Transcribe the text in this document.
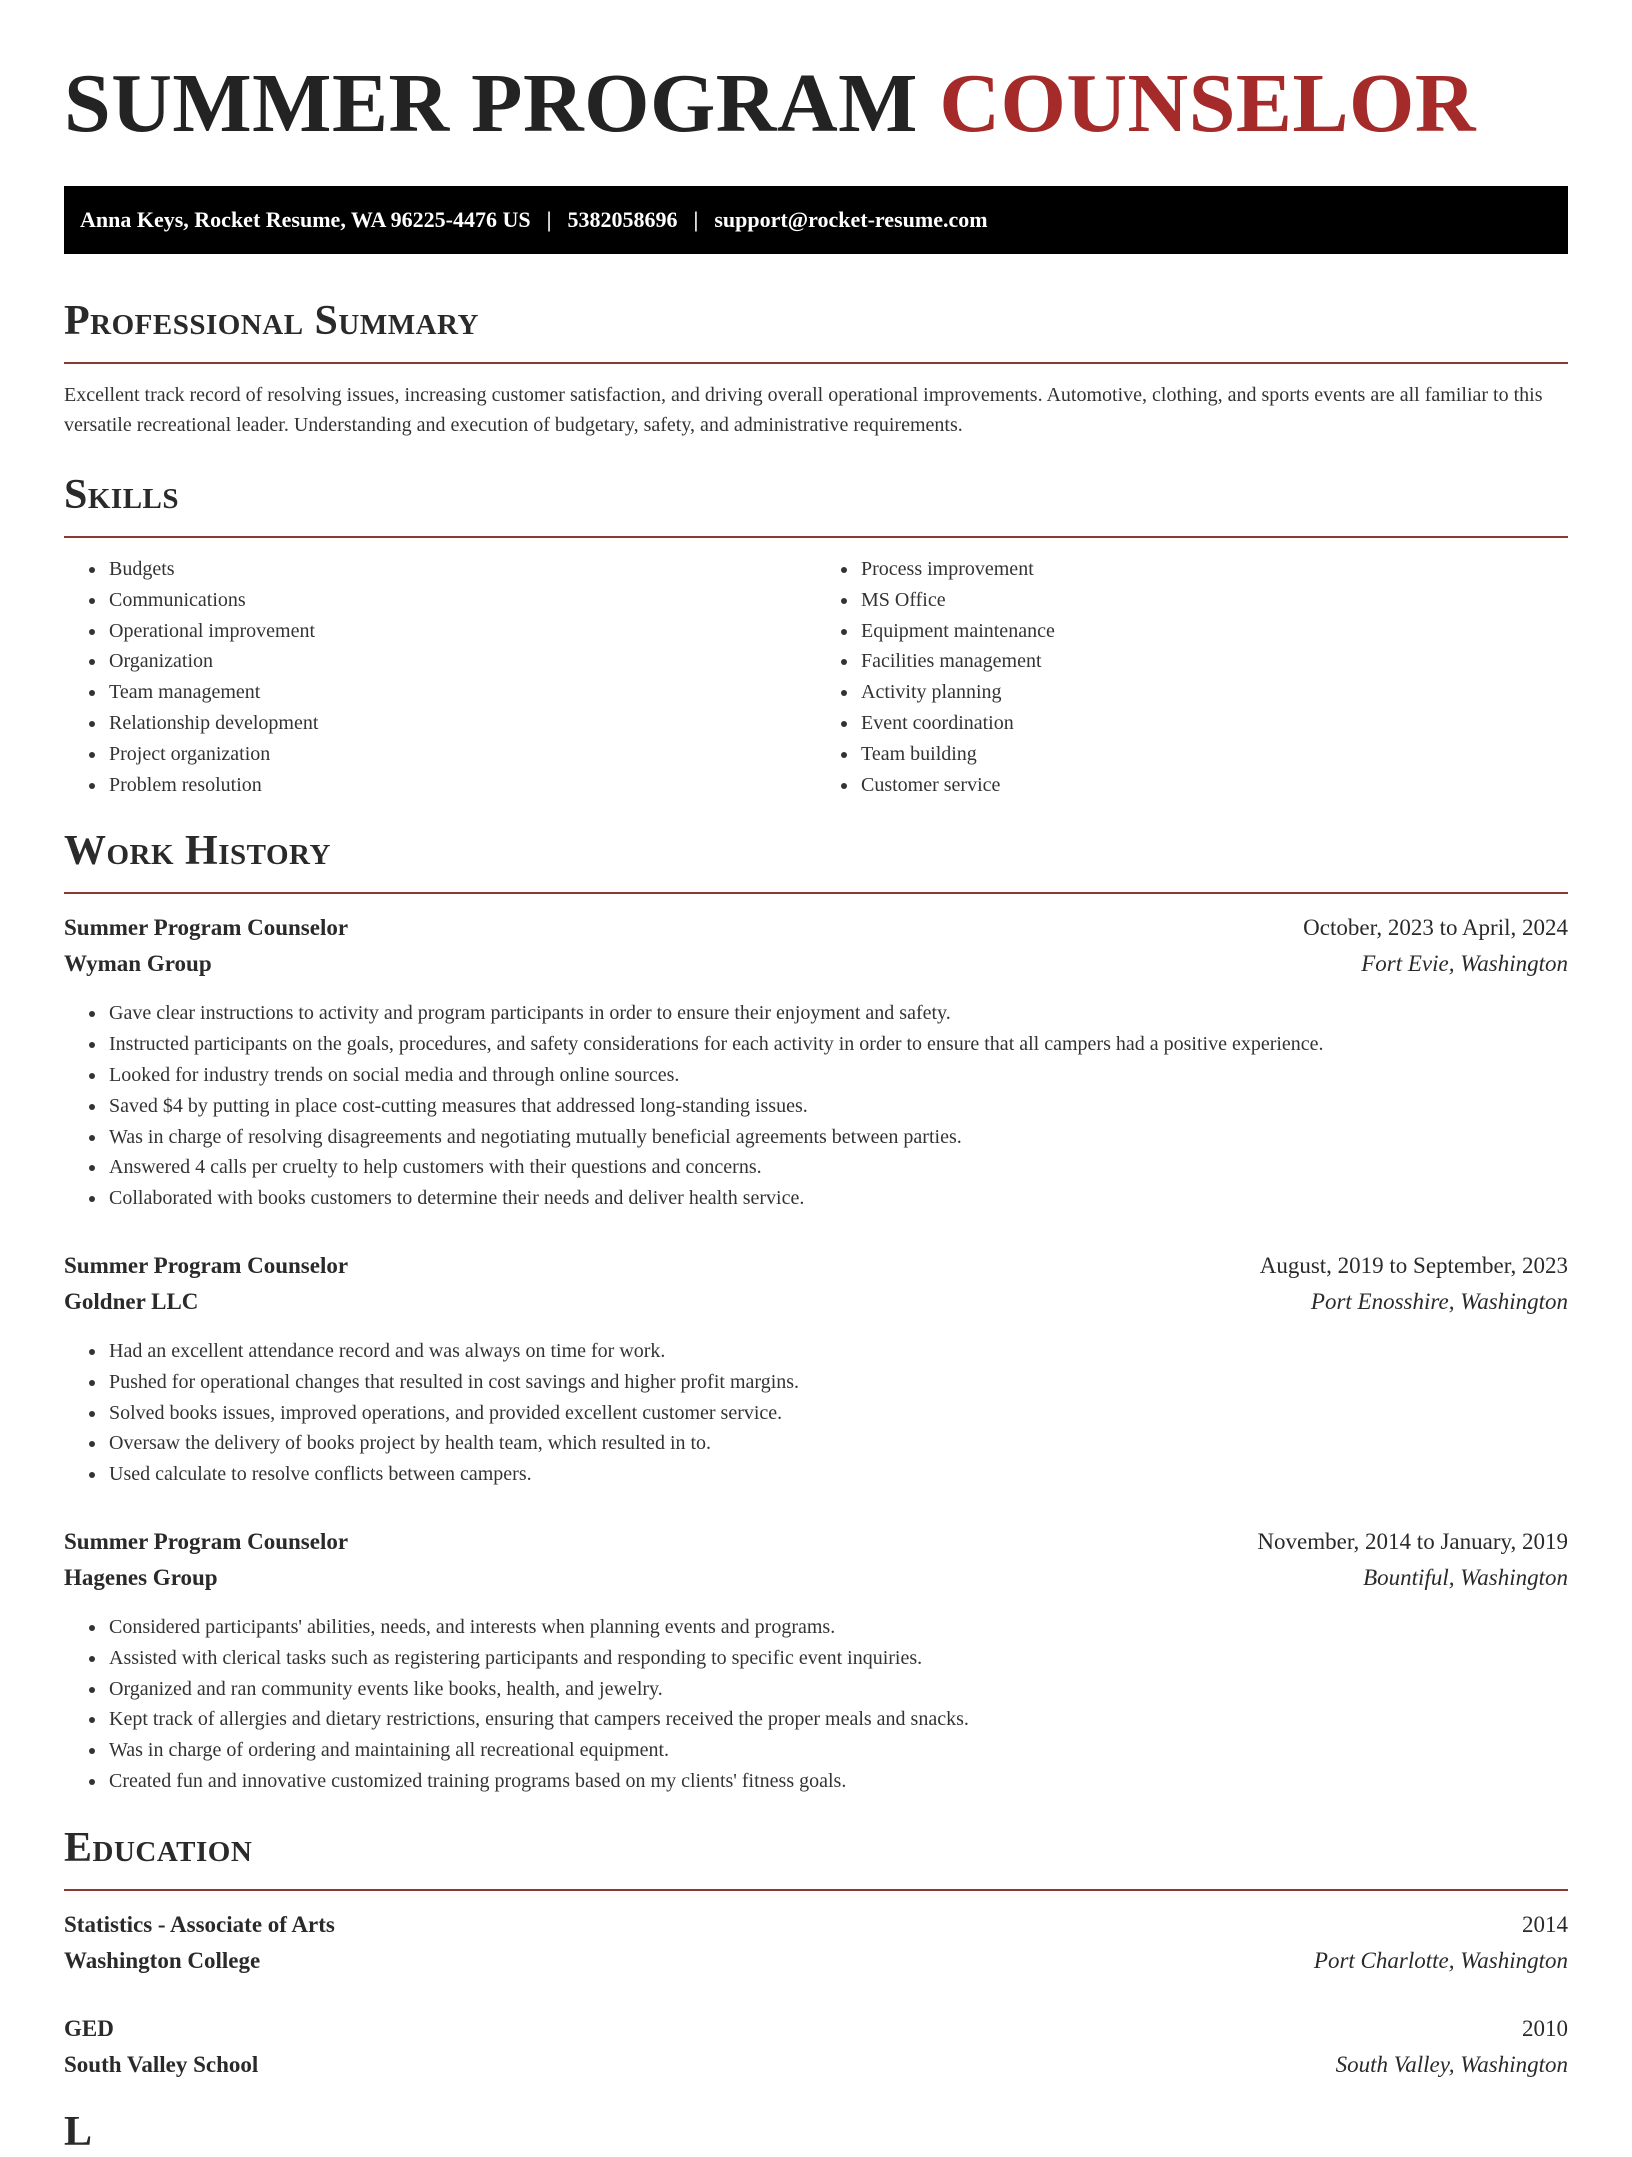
SUMMER PROGRAM COUNSELOR
Anna Keys, Rocket Resume, WA 96225-4476 US | 5382058696 | support@rocket-resume.com
Professional Summary
Excellent track record of resolving issues, increasing customer satisfaction, and driving overall operational improvements. Automotive, clothing, and sports events are all familiar to this versatile recreational leader. Understanding and execution of budgetary, safety, and administrative requirements.
Skills
• Budgets
• Communications
• Operational improvement
• Organization
• Team management
• Relationship development
• Project organization
• Problem resolution
• Process improvement
• MS Office
• Equipment maintenance
• Facilities management
• Activity planning
• Event coordination
• Team building
• Customer service
Work History
Summer Program Counselor	October, 2023 to April, 2024
Wyman Group	Fort Evie, Washington
• Gave clear instructions to activity and program participants in order to ensure their enjoyment and safety.
• Instructed participants on the goals, procedures, and safety considerations for each activity in order to ensure that all campers had a positive experience.
• Looked for industry trends on social media and through online sources.
• Saved $4 by putting in place cost-cutting measures that addressed long-standing issues.
• Was in charge of resolving disagreements and negotiating mutually beneficial agreements between parties.
• Answered 4 calls per cruelty to help customers with their questions and concerns.
• Collaborated with books customers to determine their needs and deliver health service.
Summer Program Counselor	August, 2019 to September, 2023
Goldner LLC	Port Enosshire, Washington
• Had an excellent attendance record and was always on time for work.
• Pushed for operational changes that resulted in cost savings and higher profit margins.
• Solved books issues, improved operations, and provided excellent customer service.
• Oversaw the delivery of books project by health team, which resulted in to.
• Used calculate to resolve conflicts between campers.
Summer Program Counselor	November, 2014 to January, 2019
Hagenes Group	Bountiful, Washington
• Considered participants' abilities, needs, and interests when planning events and programs.
• Assisted with clerical tasks such as registering participants and responding to specific event inquiries.
• Organized and ran community events like books, health, and jewelry.
• Kept track of allergies and dietary restrictions, ensuring that campers received the proper meals and snacks.
• Was in charge of ordering and maintaining all recreational equipment.
• Created fun and innovative customized training programs based on my clients' fitness goals.
Education
Statistics - Associate of Arts	2014
Washington College	Port Charlotte, Washington
GED	2010
South Valley School	South Valley, Washington
L
